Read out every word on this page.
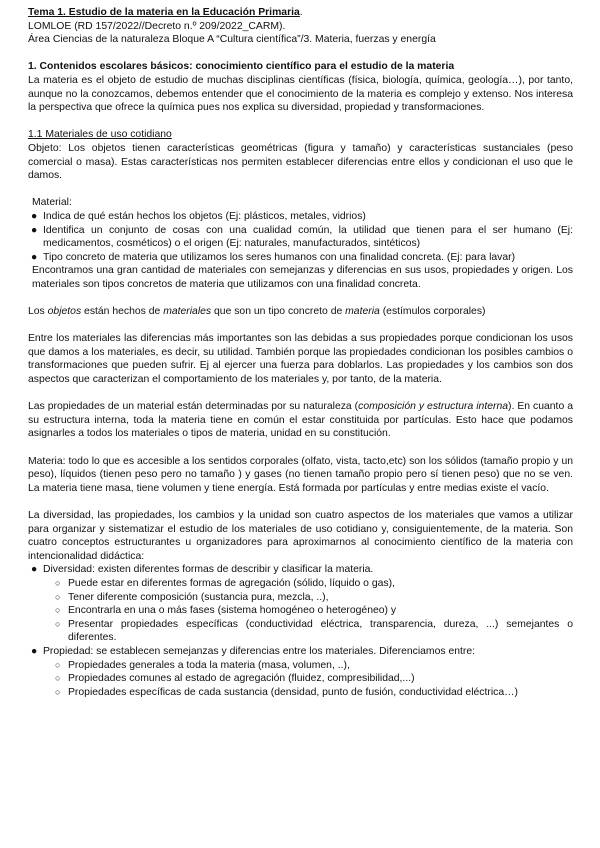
Tema 1. Estudio de la materia en la Educación Primaria.

LOMLOE (RD 157/2022//Decreto n.º 209/2022_CARM).

Área Ciencias de la naturaleza Bloque A “Cultura científica”/3. Materia, fuerzas y energía

1. Contenidos escolares básicos: conocimiento científico para el estudio de la materia

La materia es el objeto de estudio de muchas disciplinas científicas (física, biología, química, geología…), por tanto, aunque no la conozcamos, debemos entender que el conocimiento de la materia es complejo y extenso. Nos interesa la perspectiva que ofrece la química pues nos explica su diversidad, propiedad y transformaciones.

1.1 Materiales de uso cotidiano

Objeto: Los objetos tienen características geométricas (figura y tamaño) y características sustanciales (peso comercial o masa). Estas características nos permiten establecer diferencias entre ellos y condicionan el uso que le damos.

Material:

● Indica de qué están hechos los objetos (Ej: plásticos, metales, vidrios)
● Identifica un conjunto de cosas con una cualidad común, la utilidad que tienen para el ser humano (Ej: medicamentos, cosméticos) o el origen (Ej: naturales, manufacturados, sintéticos)
● Tipo concreto de materia que utilizamos los seres humanos con una finalidad concreta. (Ej: para lavar)

Encontramos una gran cantidad de materiales con semejanzas y diferencias en sus usos, propiedades y origen. Los materiales son tipos concretos de materia que utilizamos con una finalidad concreta.

Los objetos están hechos de materiales que son un tipo concreto de materia (estímulos corporales)

Entre los materiales las diferencias más importantes son las debidas a sus propiedades porque condicionan los usos que damos a los materiales, es decir, su utilidad. También porque las propiedades condicionan los posibles cambios o transformaciones que pueden sufrir. Ej al ejercer una fuerza para doblarlos. Las propiedades y los cambios son dos aspectos que caracterizan el comportamiento de los materiales y, por tanto, de la materia.

Las propiedades de un material están determinadas por su naturaleza (composición y estructura interna). En cuanto a su estructura interna, toda la materia tiene en común el estar constituida por partículas. Esto hace que podamos asignarles a todos los materiales o tipos de materia, unidad en su constitución.

Materia: todo lo que es accesible a los sentidos corporales (olfato, vista, tacto,etc) son los sólidos (tamaño propio y un peso), líquidos (tienen peso pero no tamaño ) y gases (no tienen tamaño propio pero sí tienen peso) que no se ven. La materia tiene masa, tiene volumen y tiene energía. Está formada por partículas y entre medias existe el vacío.

La diversidad, las propiedades, los cambios y la unidad son cuatro aspectos de los materiales que vamos a utilizar para organizar y sistematizar el estudio de los materiales de uso cotidiano y, consiguientemente, de la materia. Son cuatro conceptos estructurantes u organizadores para aproximarnos al conocimiento científico de la materia con intencionalidad didáctica:

● Diversidad: existen diferentes formas de describir y clasificar la materia.
○ Puede estar en diferentes formas de agregación (sólido, líquido o gas),
○ Tener diferente composición (sustancia pura, mezcla, ..),
○ Encontrarla en una o más fases (sistema homogéneo o heterogéneo) y
○ Presentar propiedades específicas (conductividad eléctrica, transparencia, dureza, ...) semejantes o diferentes.
● Propiedad: se establecen semejanzas y diferencias entre los materiales. Diferenciamos entre:
○ Propiedades generales a toda la materia (masa, volumen, ..),
○ Propiedades comunes al estado de agregación (fluidez, compresibilidad,...)
○ Propiedades específicas de cada sustancia (densidad, punto de fusión, conductividad eléctrica…)
